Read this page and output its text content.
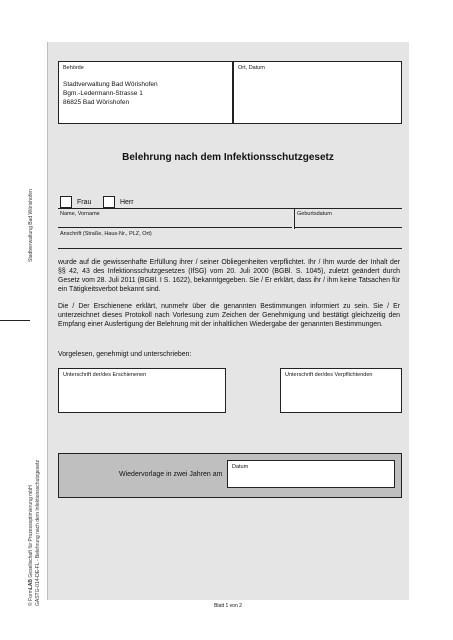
Behörde
Stadtverwaltung Bad Wörishofen
Bgm.-Ledermann-Strasse 1
86825 Bad Wörishofen
Ort, Datum
Belehrung nach dem Infektionsschutzgesetz
Frau	Herr
Name, Vorname	Geburtsdatum
Anschrift (Straße, Haus-Nr., PLZ, Ort)
wurde auf die gewissenhafte Erfüllung ihrer / seiner Obliegenheiten verpflichtet. Ihr / Ihm wurde der Inhalt der §§ 42, 43 des Infektionsschutzgesetzes (IfSG) vom 20. Juli 2000 (BGBl. S. 1045), zuletzt geändert durch Gesetz vom 28. Juli 2011 (BGBl. I S. 1622), bekanntgegeben. Sie / Er erklärt, dass ihr / ihm keine Tatsachen für ein Tätigkeitsverbot bekannt sind.
Die / Der Erschienene erklärt, nunmehr über die genannten Bestimmungen informiert zu sein. Sie / Er unterzeichnet dieses Protokoll nach Vorlesung zum Zeichen der Genehmigung und bestätigt gleichzeitig den Empfang einer Ausfertigung der Belehrung mit der inhaltlichen Wiedergabe der genannten Bestimmungen.
Vorgelesen, genehmigt und unterschrieben:
Unterschrift der/des Erschienenen	Unterschrift der/des Verpflichtenden
Wiedervorlage in zwei Jahren am
Datum
Blatt 1 von 2
Stadtverwaltung Bad Wörishofen
© FormLAB Gesellschaft für Prozessoptimierung mbH GASTG-014-DE-FL - Belehrung nach dem Infektionsschutzgesetz
